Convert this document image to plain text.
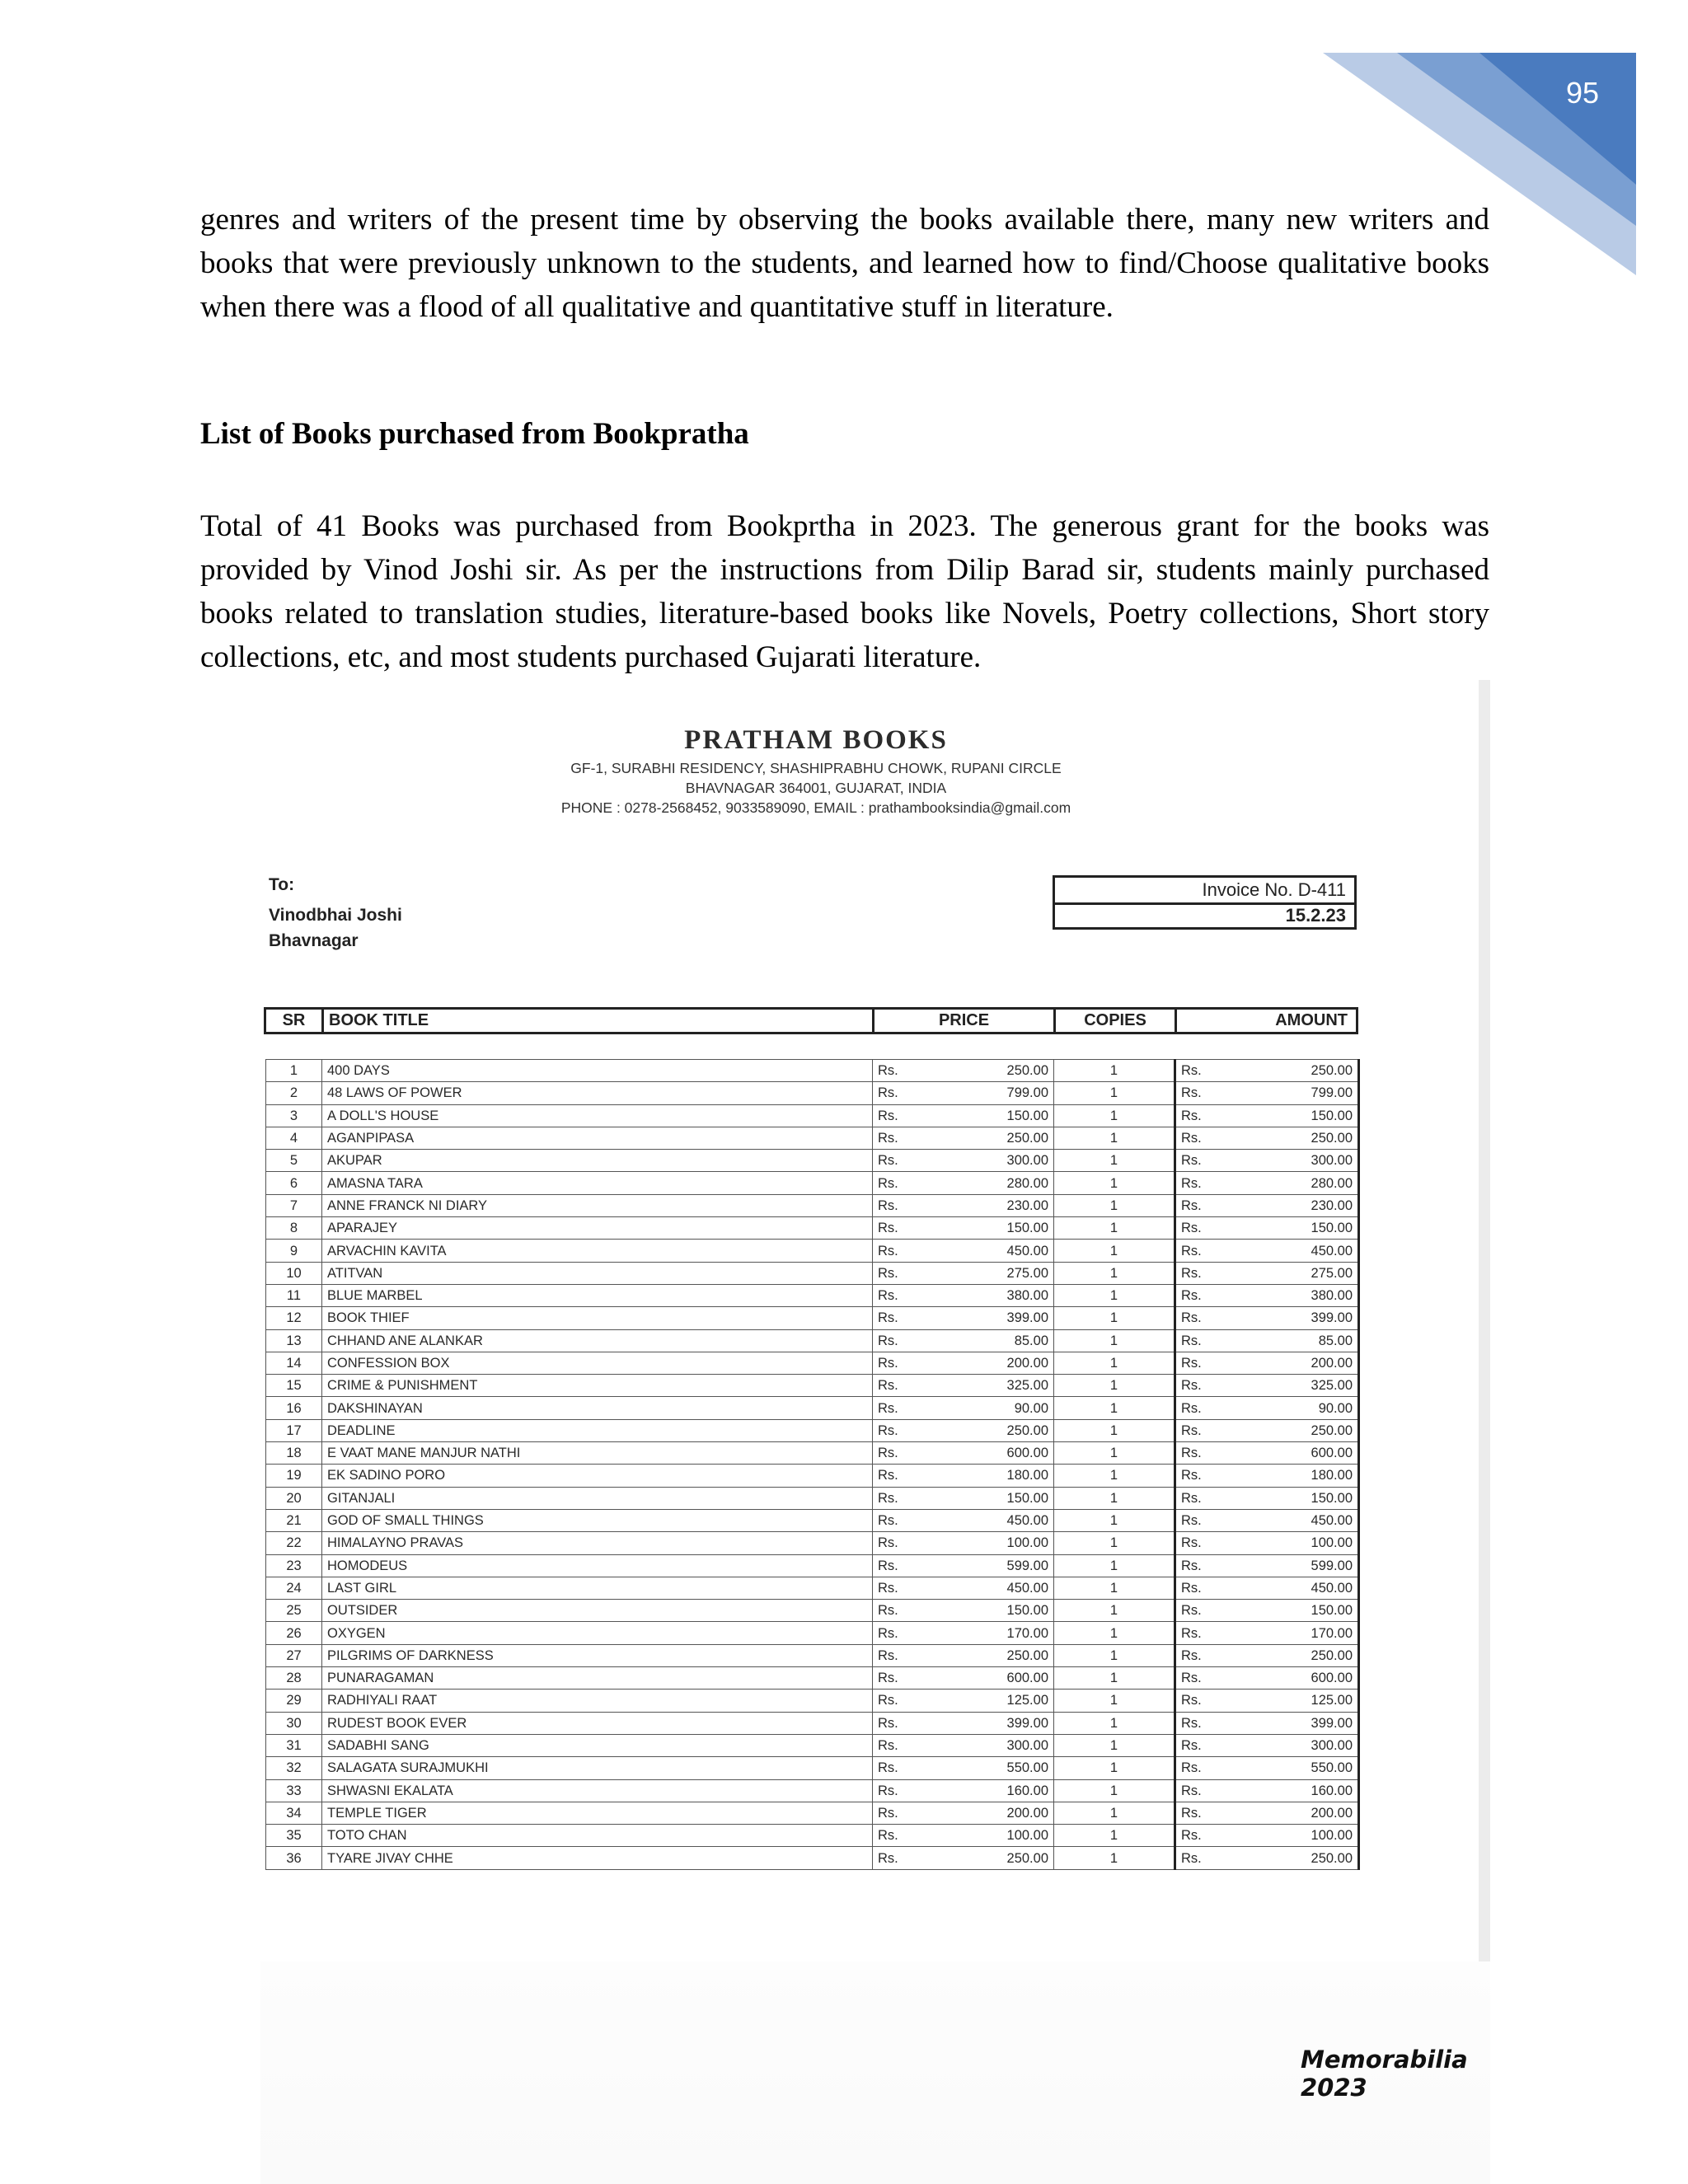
95

genres and writers of the present time by observing the books available there, many new writers and books that were previously unknown to the students, and learned how to find/Choose qualitative books when there was a flood of all qualitative and quantitative stuff in literature.

List of Books purchased from Bookpratha

Total of 41 Books was purchased from Bookprtha in 2023. The generous grant for the books was provided by Vinod Joshi sir. As per the instructions from Dilip Barad sir, students mainly purchased books related to translation studies, literature-based books like Novels, Poetry collections, Short story collections, etc, and most students purchased Gujarati literature.

PRATHAM BOOKS
GF-1, SURABHI RESIDENCY, SHASHIPRABHU CHOWK, RUPANI CIRCLE
BHAVNAGAR 364001, GUJARAT, INDIA
PHONE : 0278-2568452, 9033589090, EMAIL : prathambooksindia@gmail.com
To:
Vinodbhai Joshi
Bhavnagar
Invoice No. D-411
15.2.23
SR	BOOK TITLE	PRICE	COPIES	AMOUNT
1	400 DAYS	Rs.	250.00	1	Rs.	250.00
2	48 LAWS OF POWER	Rs.	799.00	1	Rs.	799.00
3	A DOLL'S HOUSE	Rs.	150.00	1	Rs.	150.00
4	AGANPIPASA	Rs.	250.00	1	Rs.	250.00
5	AKUPAR	Rs.	300.00	1	Rs.	300.00
6	AMASNA TARA	Rs.	280.00	1	Rs.	280.00
7	ANNE FRANCK NI DIARY	Rs.	230.00	1	Rs.	230.00
8	APARAJEY	Rs.	150.00	1	Rs.	150.00
9	ARVACHIN KAVITA	Rs.	450.00	1	Rs.	450.00
10	ATITVAN	Rs.	275.00	1	Rs.	275.00
11	BLUE MARBEL	Rs.	380.00	1	Rs.	380.00
12	BOOK THIEF	Rs.	399.00	1	Rs.	399.00
13	CHHAND ANE ALANKAR	Rs.	85.00	1	Rs.	85.00
14	CONFESSION BOX	Rs.	200.00	1	Rs.	200.00
15	CRIME & PUNISHMENT	Rs.	325.00	1	Rs.	325.00
16	DAKSHINAYAN	Rs.	90.00	1	Rs.	90.00
17	DEADLINE	Rs.	250.00	1	Rs.	250.00
18	E VAAT MANE MANJUR NATHI	Rs.	600.00	1	Rs.	600.00
19	EK SADINO PORO	Rs.	180.00	1	Rs.	180.00
20	GITANJALI	Rs.	150.00	1	Rs.	150.00
21	GOD OF SMALL THINGS	Rs.	450.00	1	Rs.	450.00
22	HIMALAYNO PRAVAS	Rs.	100.00	1	Rs.	100.00
23	HOMODEUS	Rs.	599.00	1	Rs.	599.00
24	LAST GIRL	Rs.	450.00	1	Rs.	450.00
25	OUTSIDER	Rs.	150.00	1	Rs.	150.00
26	OXYGEN	Rs.	170.00	1	Rs.	170.00
27	PILGRIMS OF DARKNESS	Rs.	250.00	1	Rs.	250.00
28	PUNARAGAMAN	Rs.	600.00	1	Rs.	600.00
29	RADHIYALI RAAT	Rs.	125.00	1	Rs.	125.00
30	RUDEST BOOK EVER	Rs.	399.00	1	Rs.	399.00
31	SADABHI SANG	Rs.	300.00	1	Rs.	300.00
32	SALAGATA SURAJMUKHI	Rs.	550.00	1	Rs.	550.00
33	SHWASNI EKALATA	Rs.	160.00	1	Rs.	160.00
34	TEMPLE TIGER	Rs.	200.00	1	Rs.	200.00
35	TOTO CHAN	Rs.	100.00	1	Rs.	100.00
36	TYARE JIVAY CHHE	Rs.	250.00	1	Rs.	250.00
Memorabilia 2023
